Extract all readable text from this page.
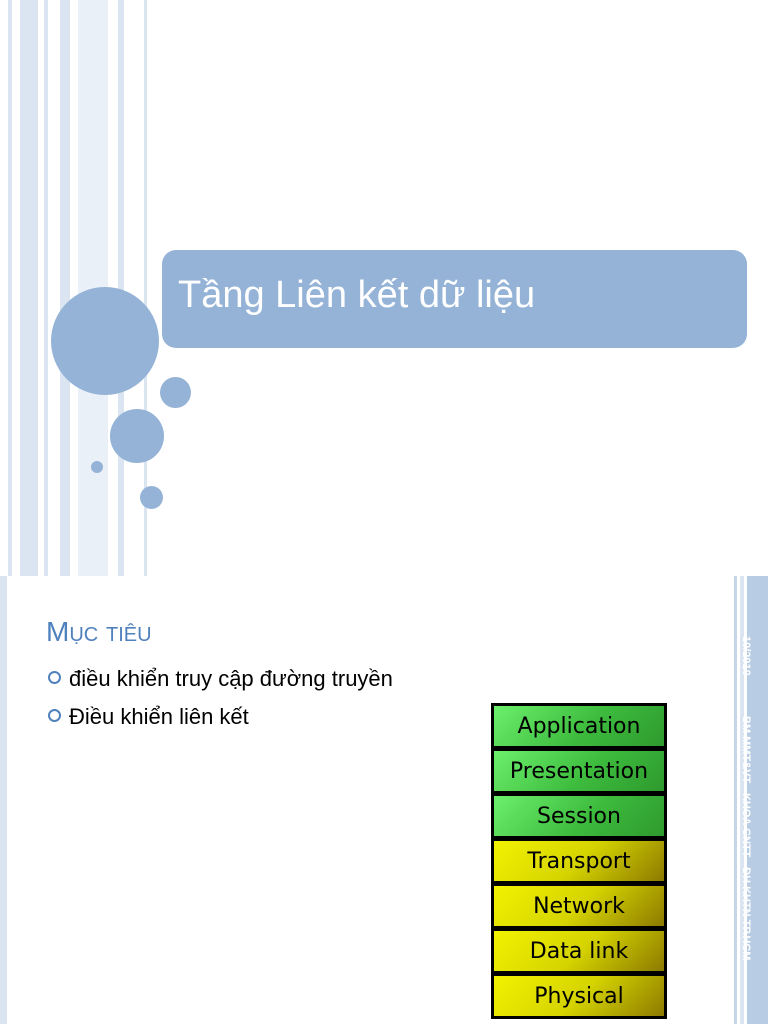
Tầng Liên kết dữ liệu
Mục tiêu
điều khiển truy cập đường truyền
Điều khiển liên kết	Application
Presentation
Session
Transport
Network
Data link
Physical
10/2010
BM MMT&VT - KHOA CNTT - ĐH KHTN TP.HCM
